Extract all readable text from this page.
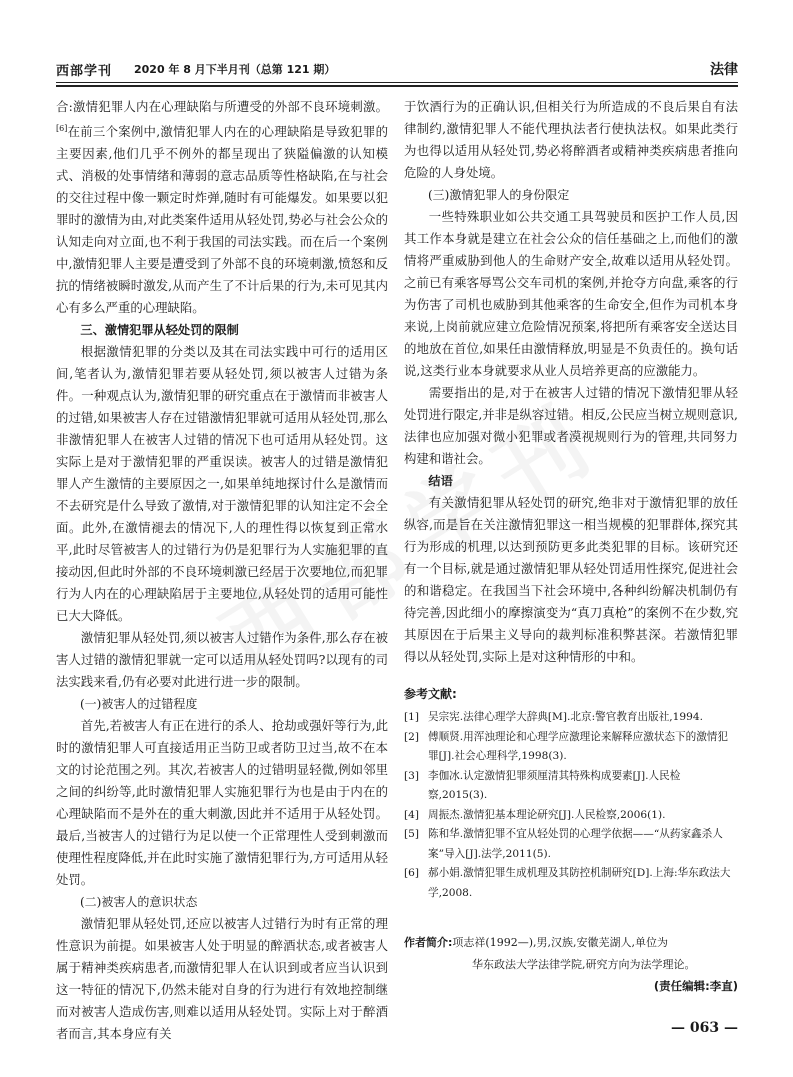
西部学刊 2020 年 8 月下半月刊（总第 121 期）	法律

合:激情犯罪人内在心理缺陷与所遭受的外部不良环境刺激。[6]在前三个案例中,激情犯罪人内在的心理缺陷是导致犯罪的主要因素,他们几乎不例外的都呈现出了狭隘偏激的认知模式、消极的处事情绪和薄弱的意志品质等性格缺陷,在与社会的交往过程中像一颗定时炸弹,随时有可能爆发。如果要以犯罪时的激情为由,对此类案件适用从轻处罚,势必与社会公众的认知走向对立面,也不利于我国的司法实践。而在后一个案例中,激情犯罪人主要是遭受到了外部不良的环境刺激,愤怒和反抗的情绪被瞬时激发,从而产生了不计后果的行为,未可见其内心有多么严重的心理缺陷。

三、激情犯罪从轻处罚的限制

根据激情犯罪的分类以及其在司法实践中可行的适用区间,笔者认为,激情犯罪若要从轻处罚,须以被害人过错为条件。一种观点认为,激情犯罪的研究重点在于激情而非被害人的过错,如果被害人存在过错激情犯罪就可适用从轻处罚,那么非激情犯罪人在被害人过错的情况下也可适用从轻处罚。这实际上是对于激情犯罪的严重误读。被害人的过错是激情犯罪人产生激情的主要原因之一,如果单纯地探讨什么是激情而不去研究是什么导致了激情,对于激情犯罪的认知注定不会全面。此外,在激情褪去的情况下,人的理性得以恢复到正常水平,此时尽管被害人的过错行为仍是犯罪行为人实施犯罪的直接动因,但此时外部的不良环境刺激已经居于次要地位,而犯罪行为人内在的心理缺陷居于主要地位,从轻处罚的适用可能性已大大降低。

激情犯罪从轻处罚,须以被害人过错作为条件,那么存在被害人过错的激情犯罪就一定可以适用从轻处罚吗?以现有的司法实践来看,仍有必要对此进行进一步的限制。

(一)被害人的过错程度

首先,若被害人有正在进行的杀人、抢劫或强奸等行为,此时的激情犯罪人可直接适用正当防卫或者防卫过当,故不在本文的讨论范围之列。其次,若被害人的过错明显轻微,例如邻里之间的纠纷等,此时激情犯罪人实施犯罪行为也是由于内在的心理缺陷而不是外在的重大刺激,因此并不适用于从轻处罚。最后,当被害人的过错行为足以使一个正常理性人受到刺激而使理性程度降低,并在此时实施了激情犯罪行为,方可适用从轻处罚。

(二)被害人的意识状态

激情犯罪从轻处罚,还应以被害人过错行为时有正常的理性意识为前提。如果被害人处于明显的醉酒状态,或者被害人属于精神类疾病患者,而激情犯罪人在认识到或者应当认识到这一特征的情况下,仍然未能对自身的行为进行有效地控制继而对被害人造成伤害,则难以适用从轻处罚。实际上对于醉酒者而言,其本身应有关

于饮酒行为的正确认识,但相关行为所造成的不良后果自有法律制约,激情犯罪人不能代理执法者行使执法权。如果此类行为也得以适用从轻处罚,势必将醉酒者或精神类疾病患者推向危险的人身处境。

(三)激情犯罪人的身份限定

一些特殊职业如公共交通工具驾驶员和医护工作人员,因其工作本身就是建立在社会公众的信任基础之上,而他们的激情将严重威胁到他人的生命财产安全,故难以适用从轻处罚。之前已有乘客辱骂公交车司机的案例,并抢夺方向盘,乘客的行为伤害了司机也威胁到其他乘客的生命安全,但作为司机本身来说,上岗前就应建立危险情况预案,将把所有乘客安全送达目的地放在首位,如果任由激情释放,明显是不负责任的。换句话说,这类行业本身就要求从业人员培养更高的应激能力。

需要指出的是,对于在被害人过错的情况下激情犯罪从轻处罚进行限定,并非是纵容过错。相反,公民应当树立规则意识,法律也应加强对微小犯罪或者漠视规则行为的管理,共同努力构建和谐社会。

结语

有关激情犯罪从轻处罚的研究,绝非对于激情犯罪的放任纵容,而是旨在关注激情犯罪这一相当规模的犯罪群体,探究其行为形成的机理,以达到预防更多此类犯罪的目标。该研究还有一个目标,就是通过激情犯罪从轻处罚适用性探究,促进社会的和谐稳定。在我国当下社会环境中,各种纠纷解决机制仍有待完善,因此细小的摩擦演变为“真刀真枪”的案例不在少数,究其原因在于后果主义导向的裁判标准积弊甚深。若激情犯罪得以从轻处罚,实际上是对这种情形的中和。

参考文献:
[1] 吴宗宪.法律心理学大辞典[M].北京:警官教育出版社,1994.
[2] 傅顺贤.用浑浊理论和心理学应激理论来解释应激状态下的激情犯罪[J].社会心理科学,1998(3).
[3] 李伽冰.认定激情犯罪须厘清其特殊构成要素[J].人民检察,2015(3).
[4] 周振杰.激情犯基本理论研究[J].人民检察,2006(1).
[5] 陈和华.激情犯罪不宜从轻处罚的心理学依据——“从药家鑫杀人案”导入[J].法学,2011(5).
[6] 郝小娟.激情犯罪生成机理及其防控机制研究[D].上海:华东政法大学,2008.
作者简介:项志祥(1992—),男,汉族,安徽芜湖人,单位为
华东政法大学法律学院,研究方向为法学理论。
(责任编辑:李直)
— 063 —
